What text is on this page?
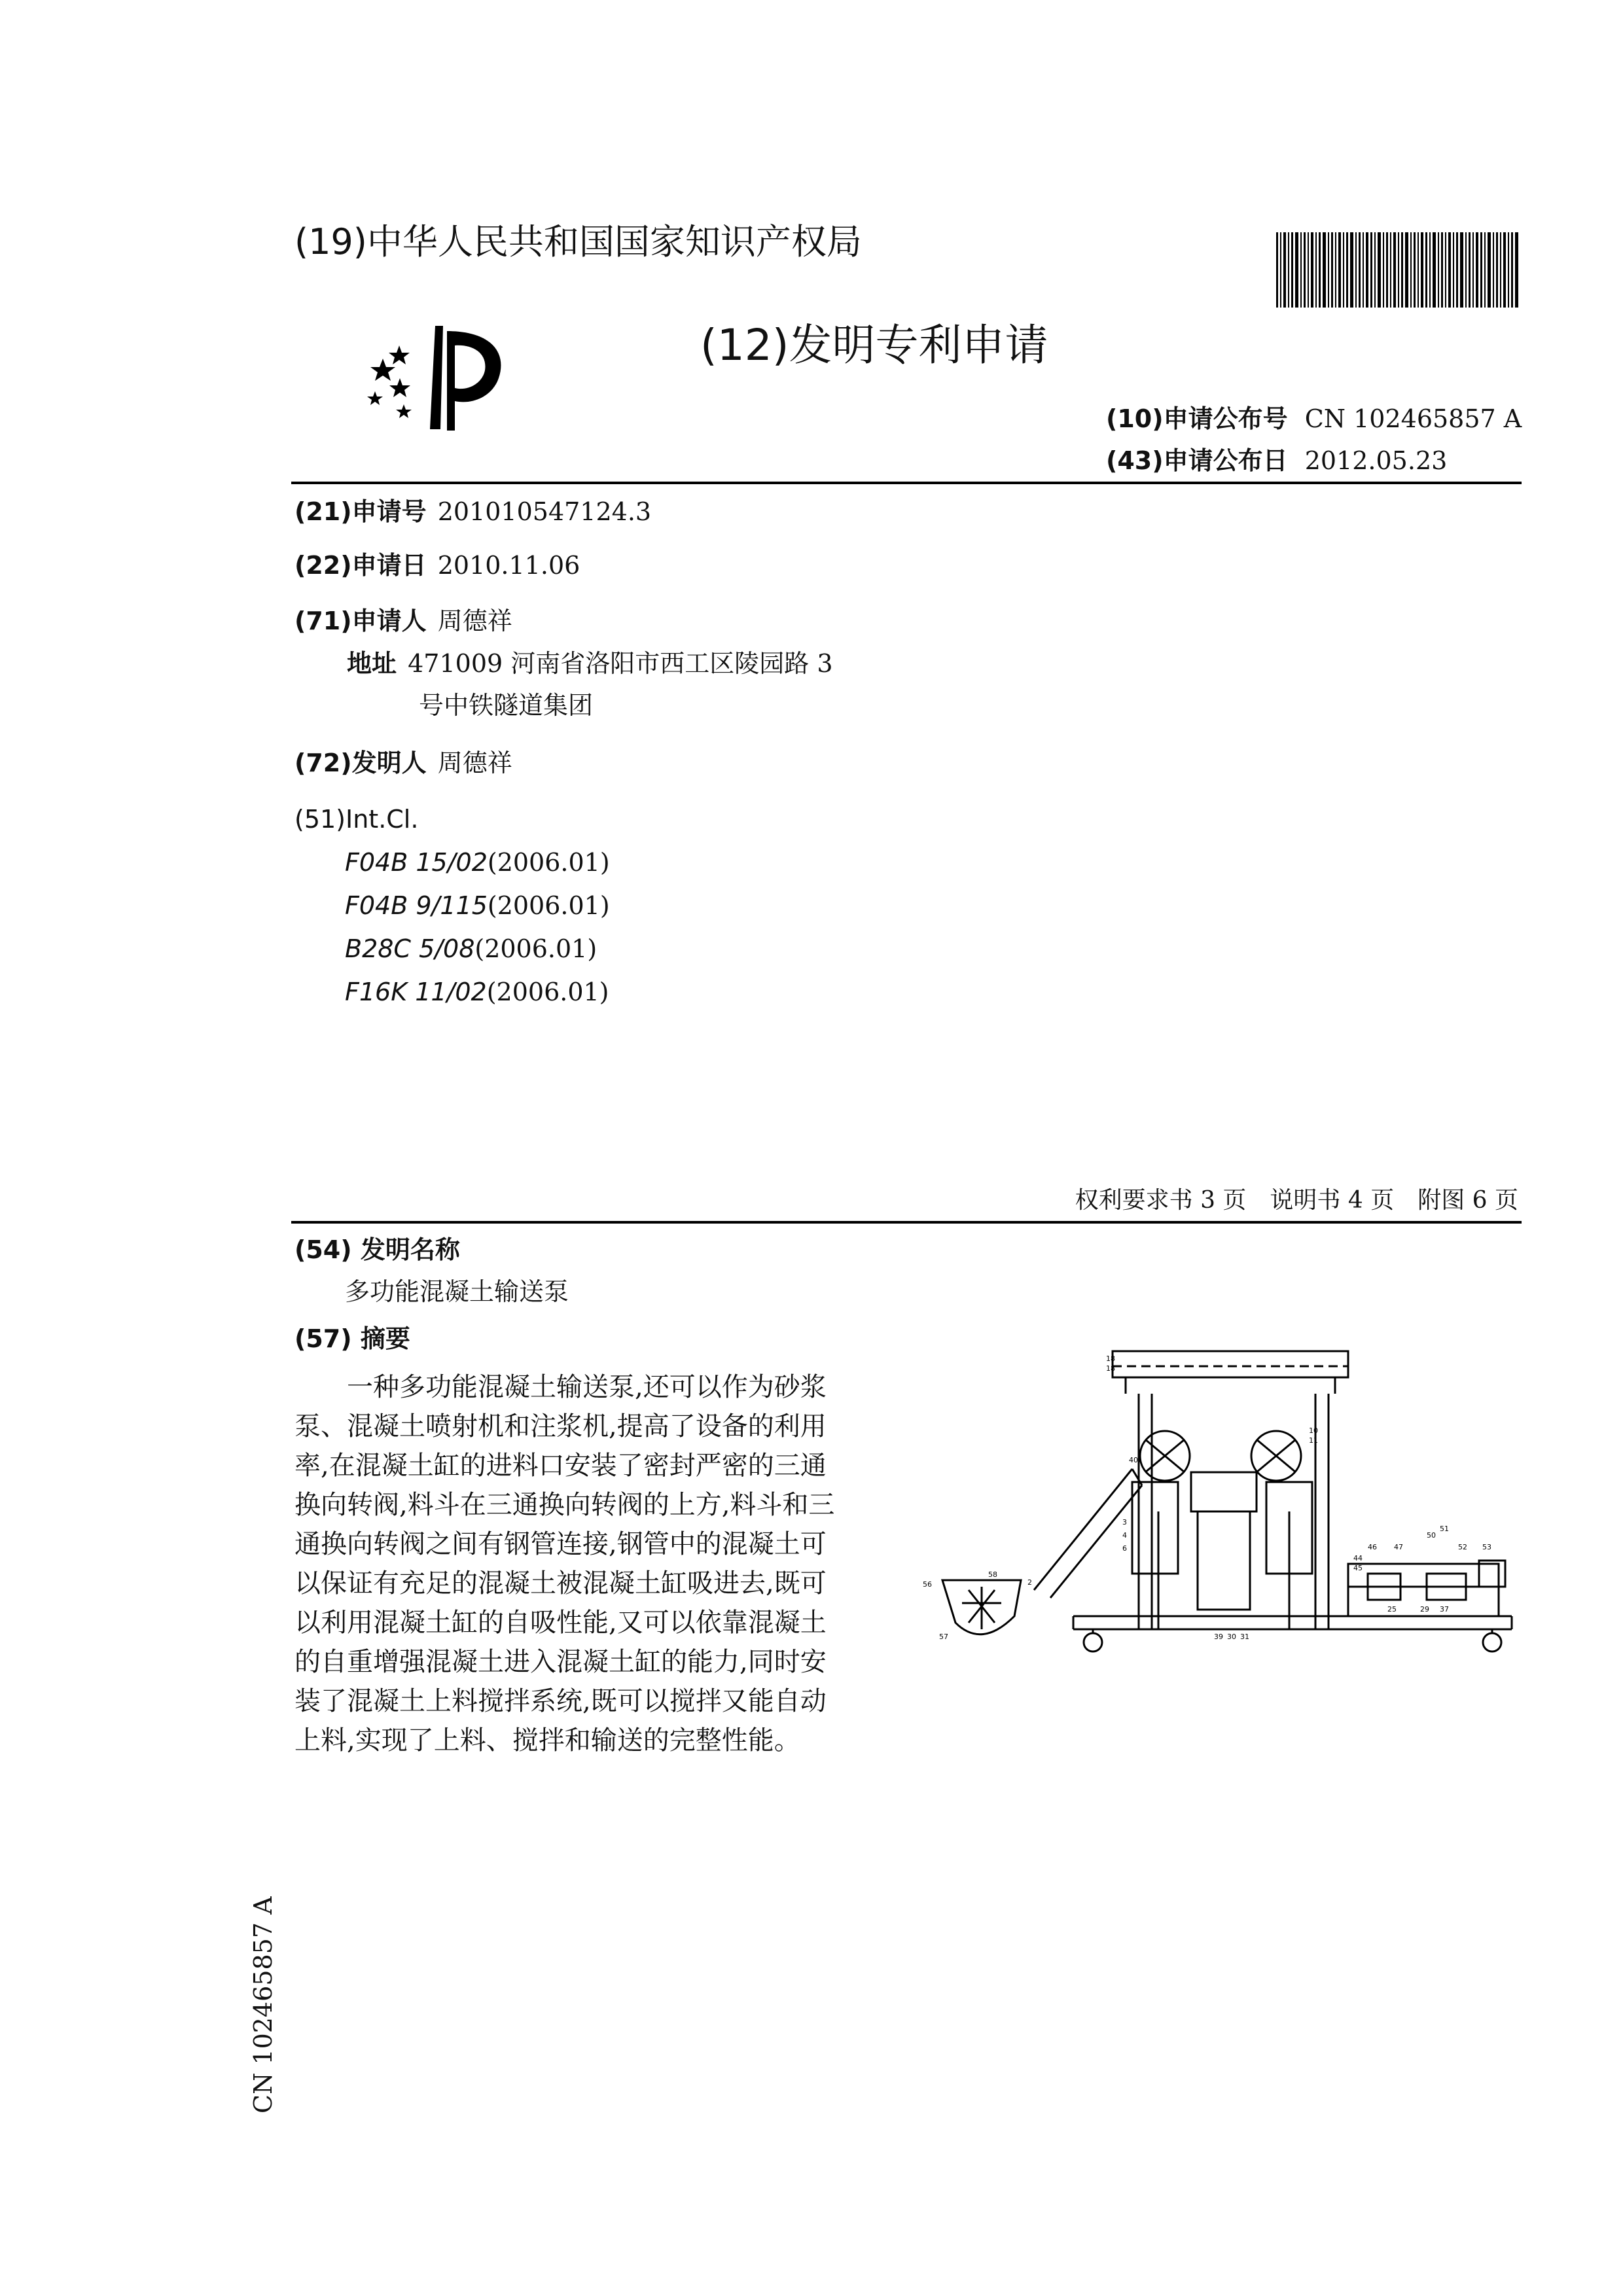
(19)中华人民共和国国家知识产权局
(12)发明专利申请
(10)申请公布号 CN 102465857 A
(43)申请公布日 2012.05.23
(21)申请号 201010547124.3
(22)申请日 2010.11.06
(71)申请人 周德祥
地址 471009 河南省洛阳市西工区陵园路 3
号中铁隧道集团
(72)发明人 周德祥
(51)Int.Cl.
F04B 15/02(2006.01)
F04B 9/115(2006.01)
B28C 5/08(2006.01)
F16K 11/02(2006.01)
权利要求书 3 页　说明书 4 页　附图 6 页
(54) 发明名称
多功能混凝土输送泵
(57) 摘要

一种多功能混凝土输送泵,还可以作为砂浆

泵、混凝土喷射机和注浆机,提高了设备的利用

率,在混凝土缸的进料口安装了密封严密的三通

换向转阀,料斗在三通换向转阀的上方,料斗和三

通换向转阀之间有钢管连接,钢管中的混凝土可

以保证有充足的混凝土被混凝土缸吸进去,既可

以利用混凝土缸的自吸性能,又可以依靠混凝土

的自重增强混凝土进入混凝土缸的能力,同时安

装了混凝土上料搅拌系统,既可以搅拌又能自动

上料,实现了上料、搅拌和输送的完整性能。

56
57
58
2
40
18
18
10
11
44
45
46 47
50
51
52 53
25	29 37
39 30 31
3
4
6
CN 102465857 A
